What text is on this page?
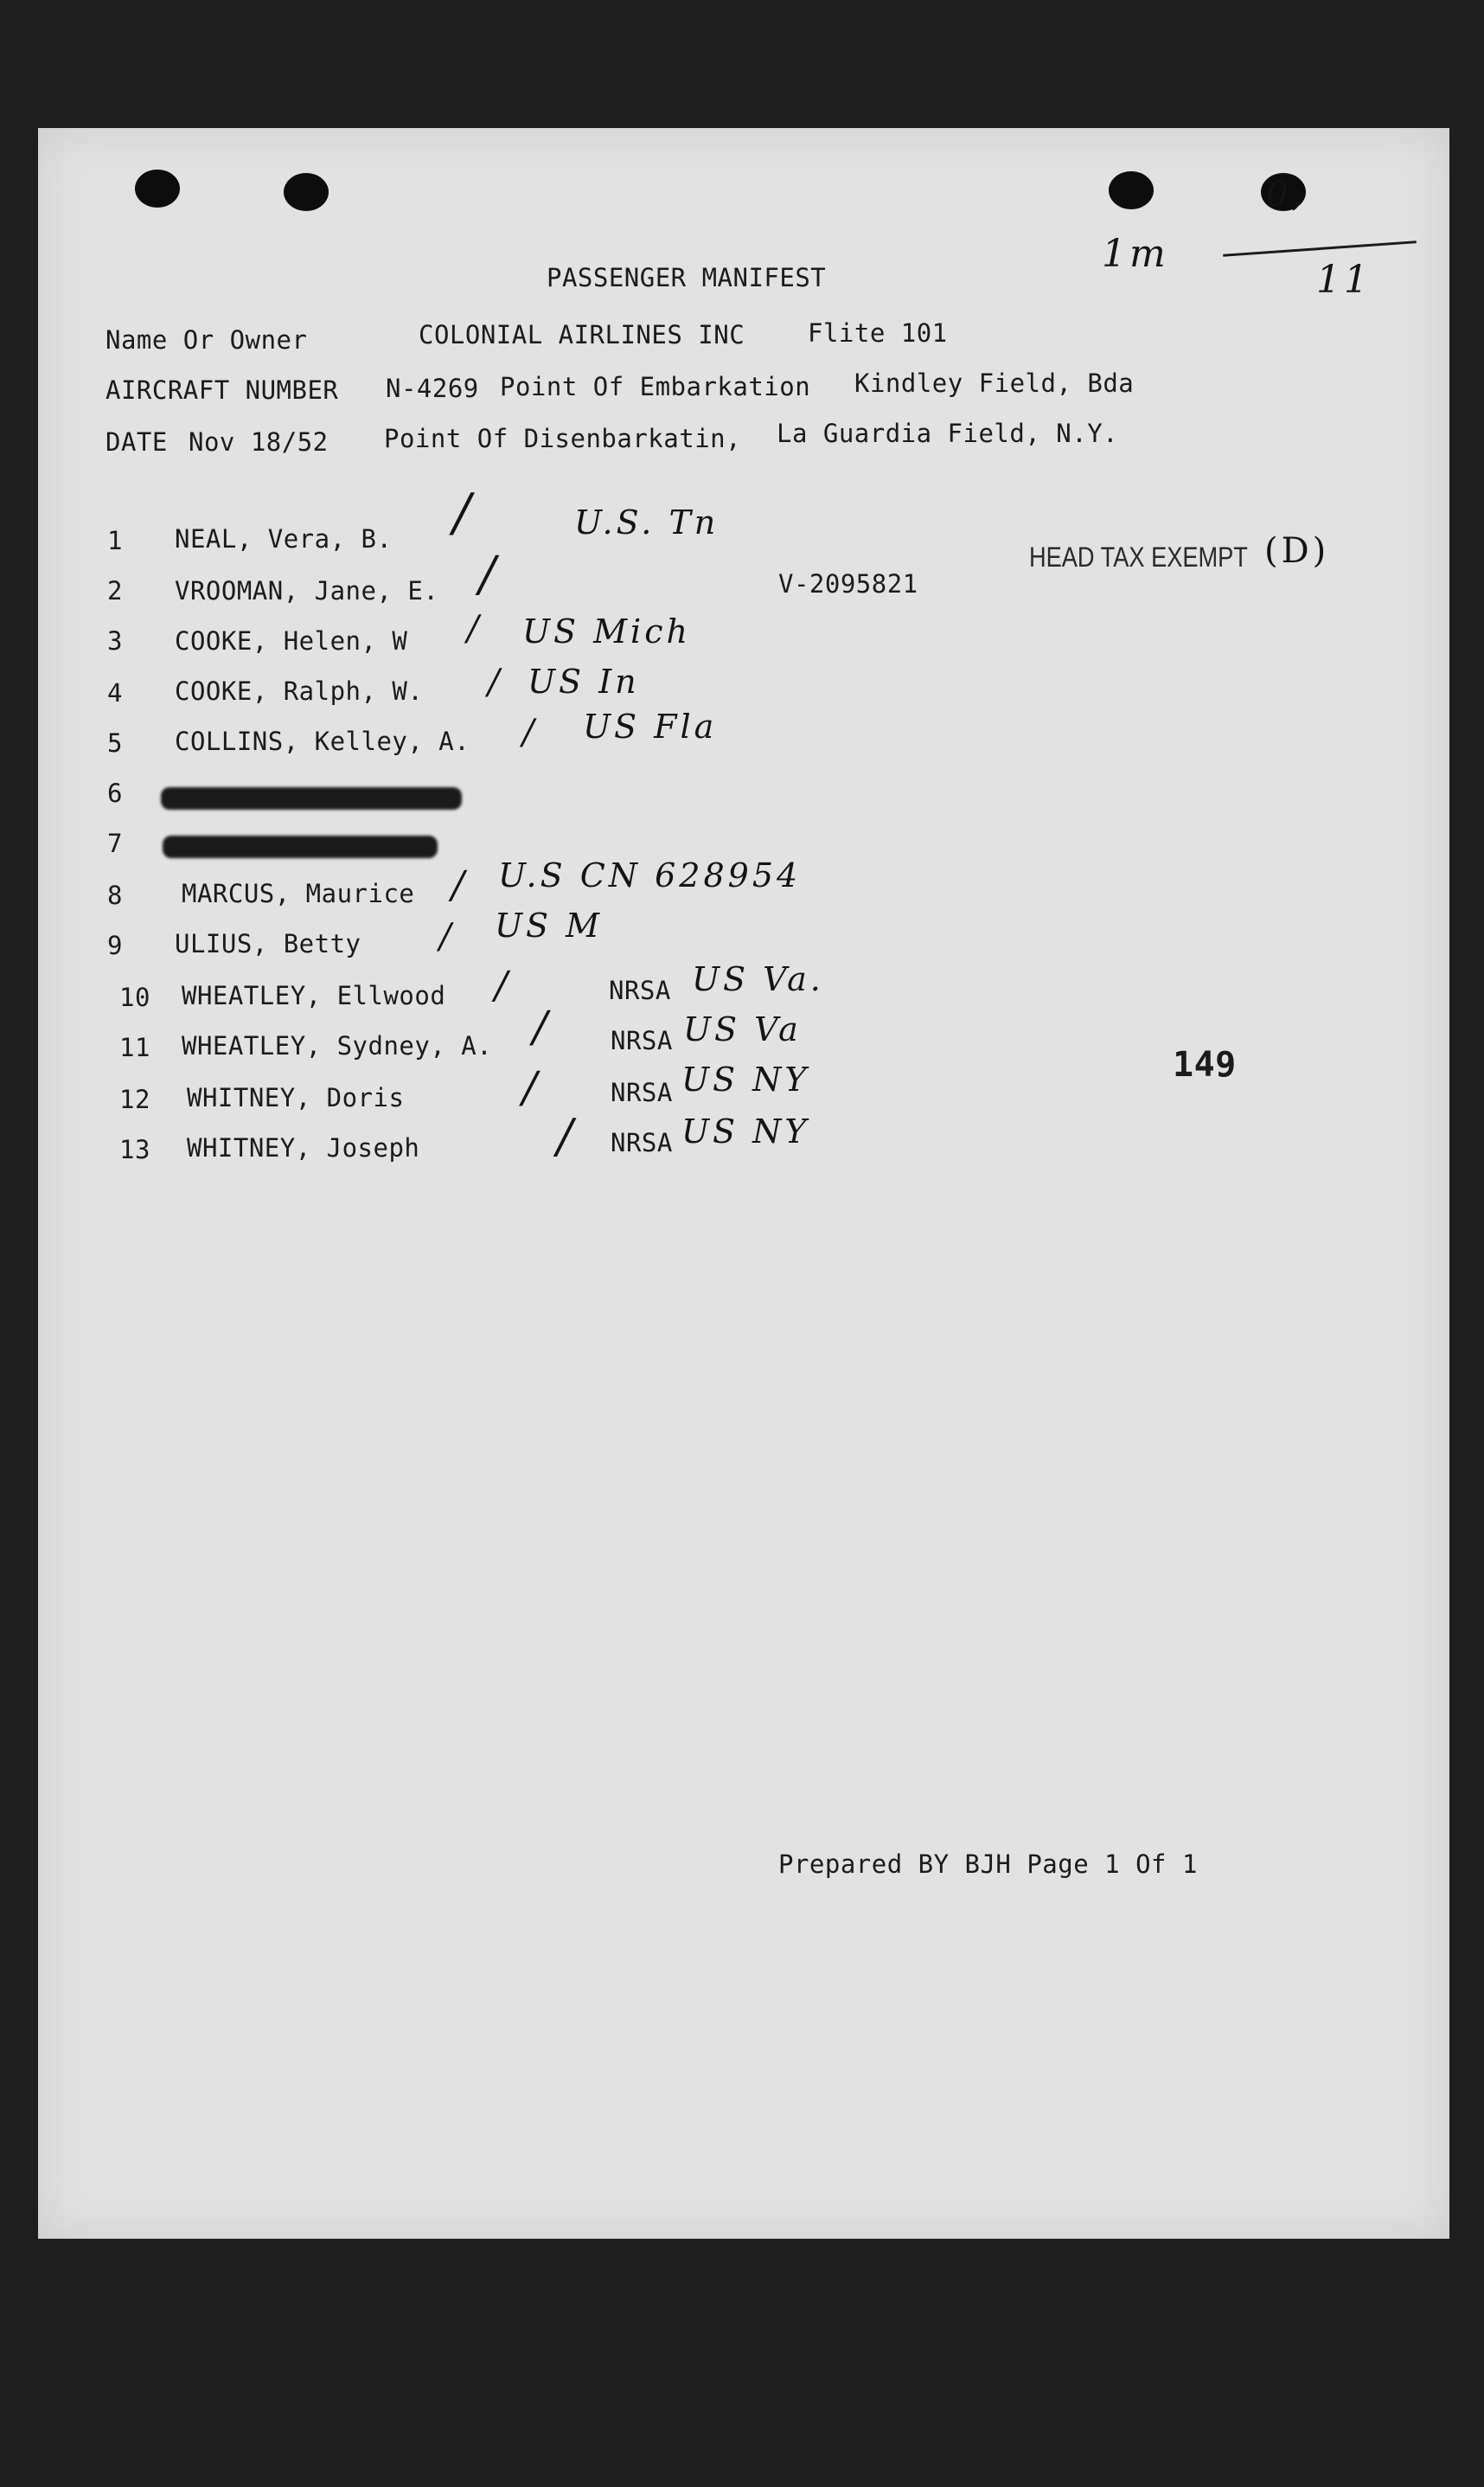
1m
0,
11
PASSENGER MANIFEST
Name Or Owner	COLONIAL AIRLINES INC	Flite 101
AIRCRAFT NUMBER N-4269 Point Of Embarkation Kindley Field, Bda
DATE Nov 18/52 Point Of Disenbarkatin, La Guardia Field, N.Y.
HEAD TAX EXEMPT (D)
1 NEAL, Vera, B. /	U.S. Tn
2 VROOMAN, Jane, E. /	V-2095821
3 COOKE, Helen, W / US Mich
4 COOKE, Ralph, W. / US In
5 COLLINS, Kelley, A. / US Fla
6
7
8 MARCUS, Maurice / U.S CN 628954
9 ULIUS, Betty / US M
10 WHEATLEY, Ellwood /	NRSA US Va.
11 WHEATLEY, Sydney, A. / NRSA US Va
12 WHITNEY, Doris	/	NRSA US NY
13 WHITNEY, Joseph	/ NRSA US NY
149
Prepared BY BJH Page 1 Of 1
